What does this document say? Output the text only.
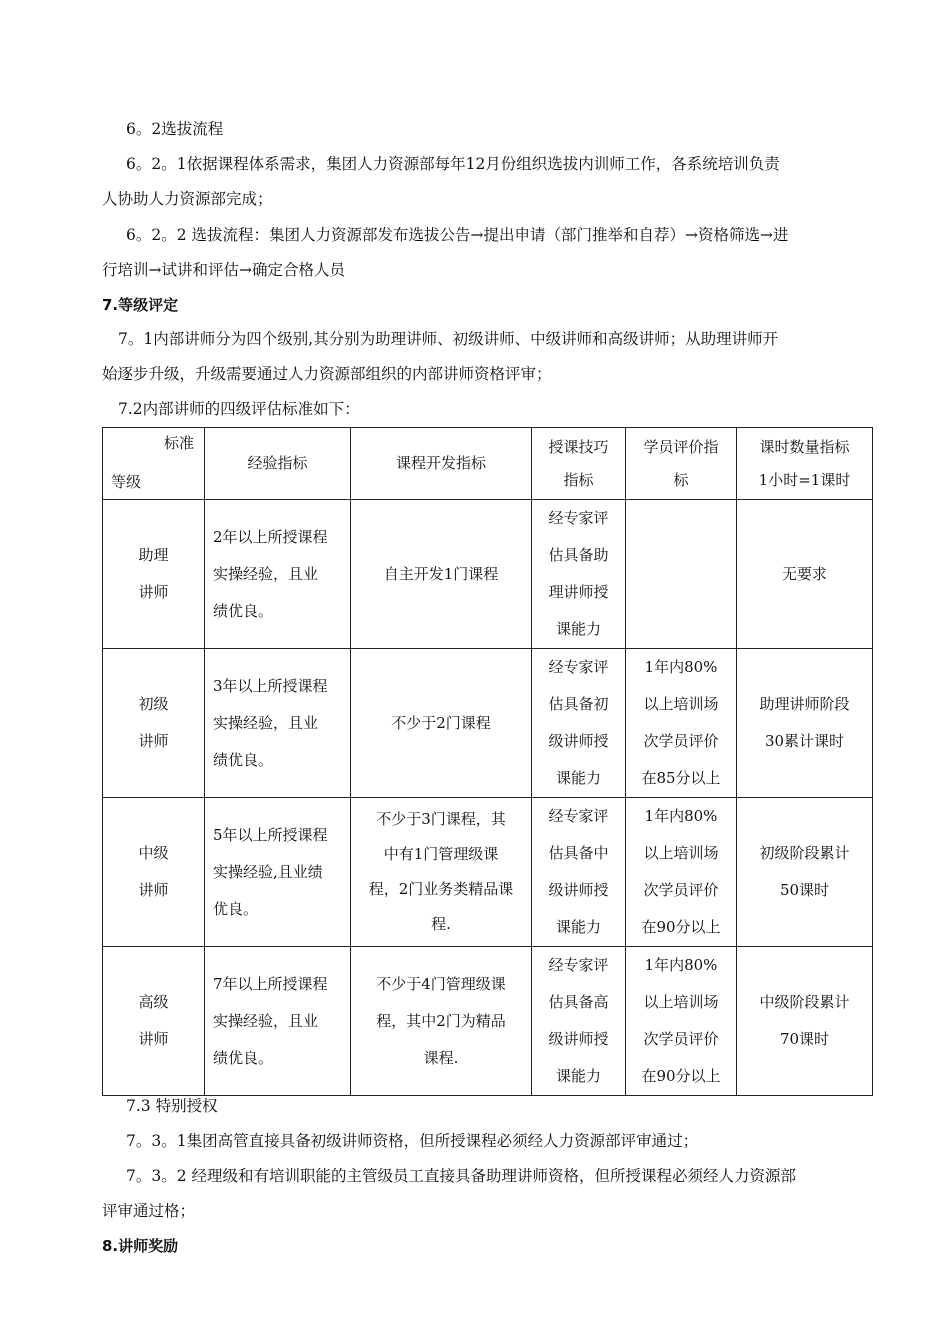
6。2选拔流程
6。2。1依据课程体系需求，集团人力资源部每年12月份组织选拔内训师工作，各系统培训负责
人协助人力资源部完成；
6。2。2 选拔流程：集团人力资源部发布选拔公告→提出申请（部门推举和自荐）→资格筛选→进
行培训→试讲和评估→确定合格人员
7.等级评定
7。1内部讲师分为四个级别,其分别为助理讲师、初级讲师、中级讲师和高级讲师；从助理讲师开
始逐步升级，升级需要通过人力资源部组织的内部讲师资格评审；
7.2内部讲师的四级评估标准如下：
标准
等级	经验指标	课程开发指标	授课技巧
指标	学员评价指
标	课时数量指标
1小时=1课时

助理
讲师	2年以上所授课程
实操经验，且业
绩优良。	自主开发1门课程	经专家评
估具备助
理讲师授
课能力		无要求

初级
讲师	3年以上所授课程
实操经验，且业
绩优良。	不少于2门课程	经专家评
估具备初
级讲师授
课能力	1年内80%
以上培训场
次学员评价
在85分以上	助理讲师阶段
30累计课时

中级
讲师	5年以上所授课程
实操经验,且业绩
优良。	不少于3门课程，其
中有1门管理级课
程，2门业务类精品课
程.	经专家评
估具备中
级讲师授
课能力	1年内80%
以上培训场
次学员评价
在90分以上	初级阶段累计
50课时

高级
讲师	7年以上所授课程
实操经验，且业
绩优良。	不少于4门管理级课
程，其中2门为精品
课程.	经专家评
估具备高
级讲师授
课能力	1年内80%
以上培训场
次学员评价
在90分以上	中级阶段累计
70课时
7.3 特别授权
7。3。1集团高管直接具备初级讲师资格，但所授课程必须经人力资源部评审通过；
7。3。2 经理级和有培训职能的主管级员工直接具备助理讲师资格，但所授课程必须经人力资源部
评审通过格；
8.讲师奖励
